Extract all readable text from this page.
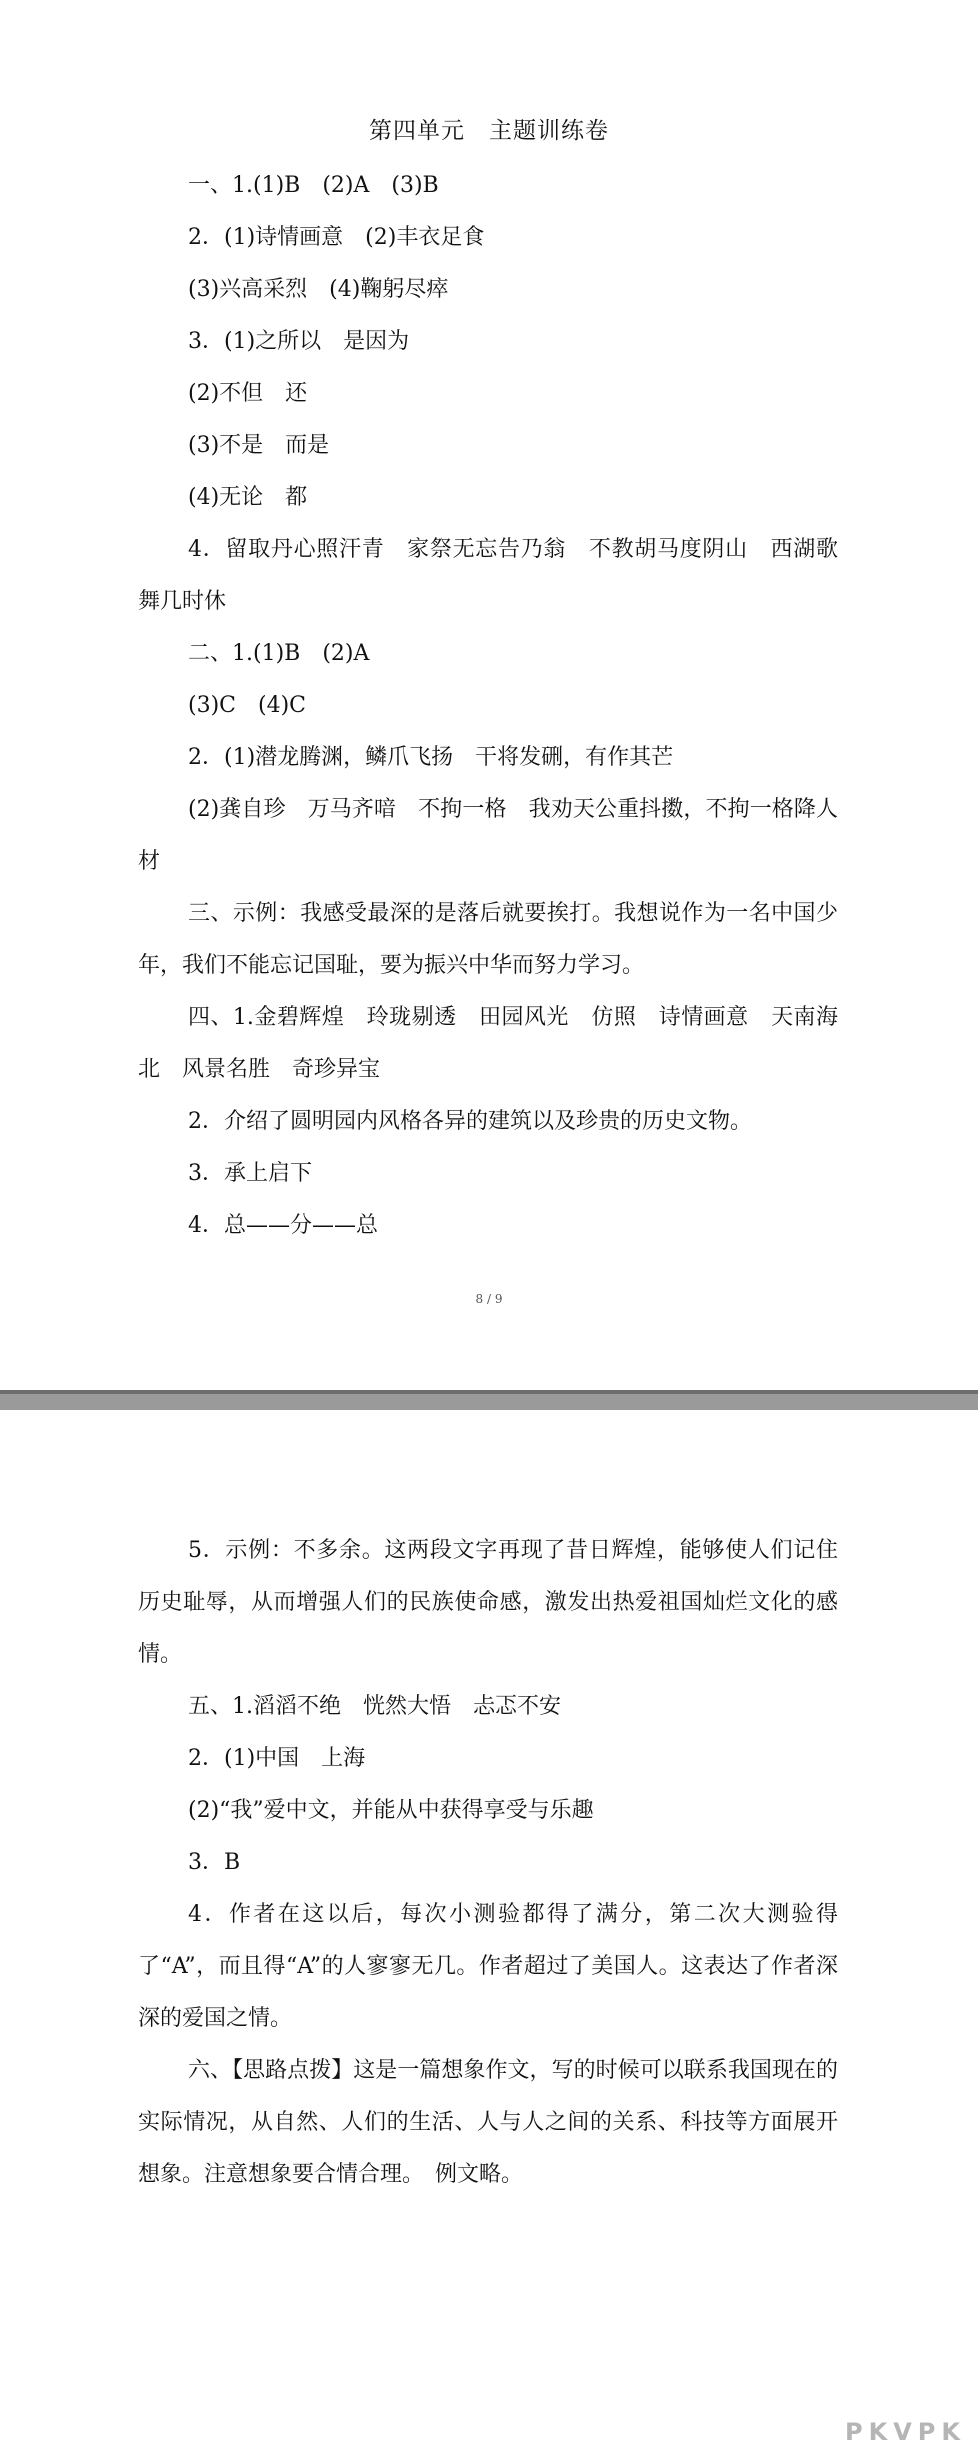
第四单元　主题训练卷
8 / 9
一、1.(1)B　(2)A　(3)B
2．(1)诗情画意　(2)丰衣足食
(3)兴高采烈　(4)鞠躬尽瘁
3．(1)之所以　是因为
(2)不但　还
(3)不是　而是
(4)无论　都
4．留取丹心照汗青　家祭无忘告乃翁　不教胡马度阴山　西湖歌舞几时休
二、1.(1)B　(2)A
(3)C　(4)C
2．(1)潜龙腾渊，鳞爪飞扬　干将发硎，有作其芒
(2)龚自珍　万马齐喑　不拘一格　我劝天公重抖擞，不拘一格降人材
三、示例：我感受最深的是落后就要挨打。我想说作为一名中国少年，我们不能忘记国耻，要为振兴中华而努力学习。
四、1.金碧辉煌　玲珑剔透　田园风光　仿照　诗情画意　天南海北　风景名胜　奇珍异宝
2．介绍了圆明园内风格各异的建筑以及珍贵的历史文物。
3．承上启下
4．总——分——总
5．示例：不多余。这两段文字再现了昔日辉煌，能够使人们记住历史耻辱，从而增强人们的民族使命感，激发出热爱祖国灿烂文化的感情。
五、1.滔滔不绝　恍然大悟　忐忑不安
2．(1)中国　上海
(2)“我”爱中文，并能从中获得享受与乐趣
3．B
4．作者在这以后，每次小测验都得了满分，第二次大测验得了“A”，而且得“A”的人寥寥无几。作者超过了美国人。这表达了作者深深的爱国之情。
六、【思路点拨】这是一篇想象作文，写的时候可以联系我国现在的实际情况，从自然、人们的生活、人与人之间的关系、科技等方面展开想象。注意想象要合情合理。　例文略。
PKVPK
